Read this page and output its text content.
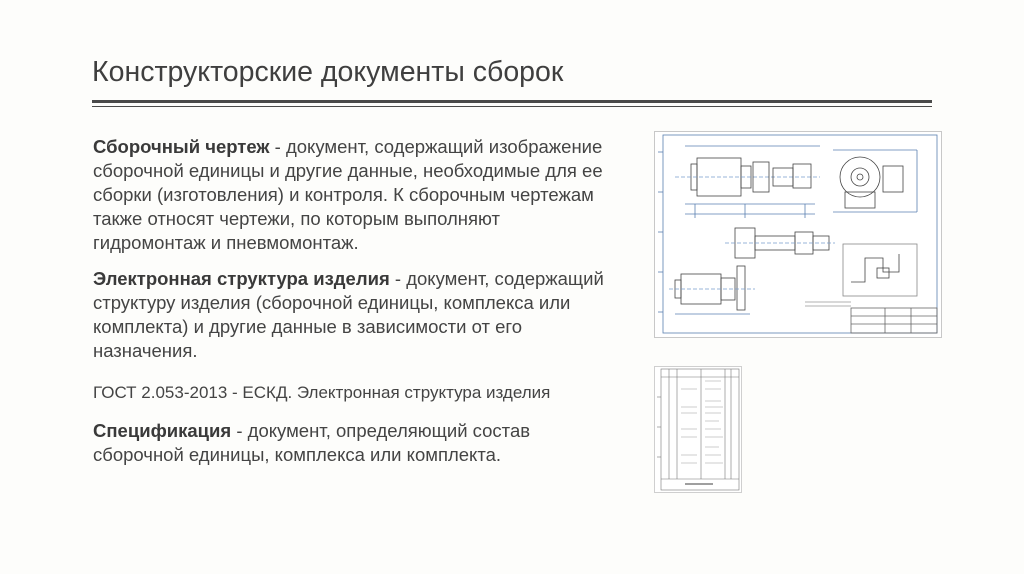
Конструкторские документы сборок

Сборочный чертеж - документ, содержащий изображение сборочной единицы и другие данные, необходимые для ее сборки (изготовления) и контроля. К сборочным чертежам также относят чертежи, по которым выполняют гидромонтаж и пневмомонтаж.

Электронная структура изделия - документ, содержащий структуру изделия (сборочной единицы, комплекса или комплекта) и другие данные в зависимости от его назначения.

ГОСТ 2.053-2013 - ЕСКД. Электронная структура изделия

Спецификация - документ, определяющий состав сборочной единицы, комплекса или комплекта.
